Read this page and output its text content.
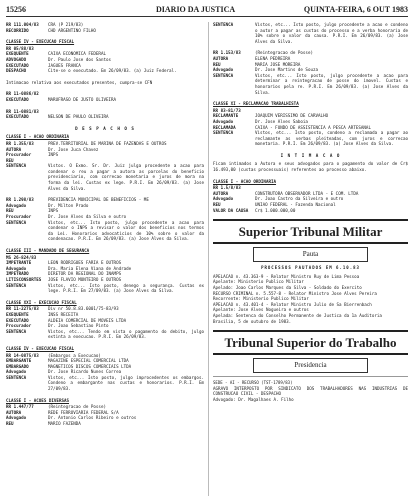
15256	DIARIO DA JUSTICA	QUINTA-FEIRA, 6 OUT 1983
RR 111.004/83	CRA (P 219/83)
RECORRIDO	CHD ARGENTINO FILHO
CLASSE IV - EXECUCAO FISCAL
RR 05/88/83
EXEQUENTE	CAIXA ECONOMICA FEDERAL
ADVOGADO	Dr. Paulo Jose dos Santos
EXECUTADO	JAGUES FRANCA
DESPACHO	Cite-se o executado. Em 26/09/83. (a) Juiz Federal.
Intimacao relativa aos executados presentes, cumpra-se CFN
RR 11-0886/82
EXECUTADO	MARUFRASO DE JUSTO OLIVEIRA
RR 11-0881/83
EXECUTADO	NELSON DE PAULO OLIVEIRA
D E S P A C H O S
CLASSE I - ACAO ORDINARIA
RR 1.355/83	PREV.TERRITORIAL DE MARINA DE FAZENDAS E OUTROS
AUTORA	Dr. Jose Juca Chavez
Procurador	INPS
REU
SENTENCA	Vistos. O Exmo. Sr. Dr. Juiz julga procedente a acao para condenar o reu a pagar a autora as parcelas do beneficio previdenciario, com correcao monetaria e juros de mora na forma da lei. Custas ex lege. P.R.I. Em 26/09/83. (a) Jose Alves da Silva.
RR 1.298/83	PREVIDENCIA MUNICIPAL DE BENEFICIOS - ME
Advogado	Dr. Milton Prado
REU	INPS
Procurador	Dr. Jose Alves da Silva e outro
SENTENCA	Vistos, etc... Isto posto, julgo procedente a acao para condenar o INPS a revisar o valor dos beneficios nos termos da Lei. Honorarios advocaticios de 10% sobre o valor da condenacao. P.R.I. Em 26/09/83. (a) Jose Alves da Silva.
CLASSE III - MANDADO DE SEGURANCA
MS 26-824/83
IMPETRANTE	LEON RODRIGUES FARIA E OUTROS
Advogado	Dra. Maria Elena Viana de Andrade
IMPETRADO	DIRETOR DA REGIONAL DO INAMPS
LITISCONSORTES	JOSE FLAVIO MONTEIRO E OUTROS
SENTENCA	Vistos, etc... Isto posto, denego a segurança. Custas ex lege. P.R.I. Em 27/09/83. (a) Jose Alves da Silva.
CLASSE XXI - EXECUCAO FISCAL
RR 11-2275/83	Div nr 50.8.83.6001/75-83/93
EXEQUENTE	INSS RECEITA
EXECUTADO	ALDEIA COMERCIAL DE MOVEIS LTDA
Procurador	Dr. Joao Sebastiao Pinto
SENTENCA	Vistos, etc... Tendo em vista o pagamento do debito, julgo extinta a execucao. P.R.I. Em 26/09/83.
CLASSE IV - EXECUCAO FISCAL
RR 14-0875/83	(Embargos a Execucao)
EMBARGANTE	MAGAZINE ESPECIAL COMERCIAL LTDA
EMBARGADO	MAGNETICOS DISCOS COMERCIAIS LTDA
Advogado	Dr. Jose Ricardo Nunes Correa
SENTENCA	Vistos, etc... Isto posto, julgo improcedentes os embargos. Condeno a embargante nas custas e honorarios. P.R.I. Em 27/09/83.
CLASSE I - ACOES DIVERSAS
RR 1.447/77	(Reintegracao de Posse)
AUTORA	REDE FERROVIARIA FEDERAL S/A
Advogado	Dr. Antonio Carlos Ribeiro e outros
REU	MARIO FAZENDA
SENTENCA	Vistos, etc... Isto posto, julgo procedente a acao e condeno o autor a pagar as custas do processo e a verba honoraria de 10% sobre o valor da causa. P.R.I. Em 26/09/83. (a) Jose Alves da Silva.
RR 1.153/83	(Reintegracao de Posse)
AUTORA	ELENA PEDREIRA
REU	MARIA JOSE MOREIRA
Advogado	Dr. Jose Martins de Souza
SENTENCA	Vistos, etc... Isto posto, julgo procedente a acao para determinar a reintegracao de posse do imovel. Custas e honorarios pela re. P.R.I. Em 26/09/83. (a) Jose Alves da Silva.
CLASSE XI - RECLAMACAO TRABALHISTA
RR 83-81/73
RECLAMANTE	JOAQUIM VERISSIMO DE CARVALHO
Advogado	Dr. Jose Alves Saboia
RECLAMADA	CAIXA - FUNDO DE ASSISTENCIA A PESCA ARTESANAL
SENTENCA	Vistos, etc... Isto posto, condeno a reclamada a pagar ao reclamante as verbas pleiteadas, com juros e correcao monetaria. P.R.I. Em 26/09/83. (a) Jose Alves da Silva.
I N T I M A C A O
Ficam intimados a Autora e seus advogados para o pagamento do valor de Cr$ 16.493,00 (custas processuais) referentes ao processo abaixo.
CLASSE I - ACAO ORDINARIA
RR 1.5/8/83
AUTORA	CONSTRUTORA OBSERVADOR LTDA - E COM. LTDA
Advogado	Dr. Joao Castro da Silveira e outro
REU	UNIAO FEDERAL - Fazenda Nacional
VALOR DA CAUSA	Cr$ 1.000.000,00
Superior Tribunal Militar
Pauta
PROCESSOS PAUTADOS EM 6.10.83
APELACAO n. 43.363-9 - Relator Ministro Ruy de Lima Pessoa
Apelante: Ministerio Publico Militar
Apelado: Joao Carlos Marques da Silva - Soldado do Exercito
RECURSO CRIMINAL n. 5.557-8 - Relator Ministro Jose Alves Pereira
Recorrente: Ministerio Publico Militar
APELACAO n. 43.401-4 - Relator Ministro Julio de Sa Bierrenbach
Apelante: Jose Alves Nogueira e outros
Apelada: Sentenca do Conselho Permanente de Justica da 1a Auditoria
Brasilia, 5 de outubro de 1983.
Tribunal Superior do Trabalho
Presidencia
SEDE - AI - RECURSO (TST-1789/83)
AGRAVO INTERPOSTO POR SINDICATO DOS TRABALHADORES NAS INDUSTRIAS DE CONSTRUCAO CIVIL - DESPACHO
Advogado: Dr. Magalhaes A. Filho
